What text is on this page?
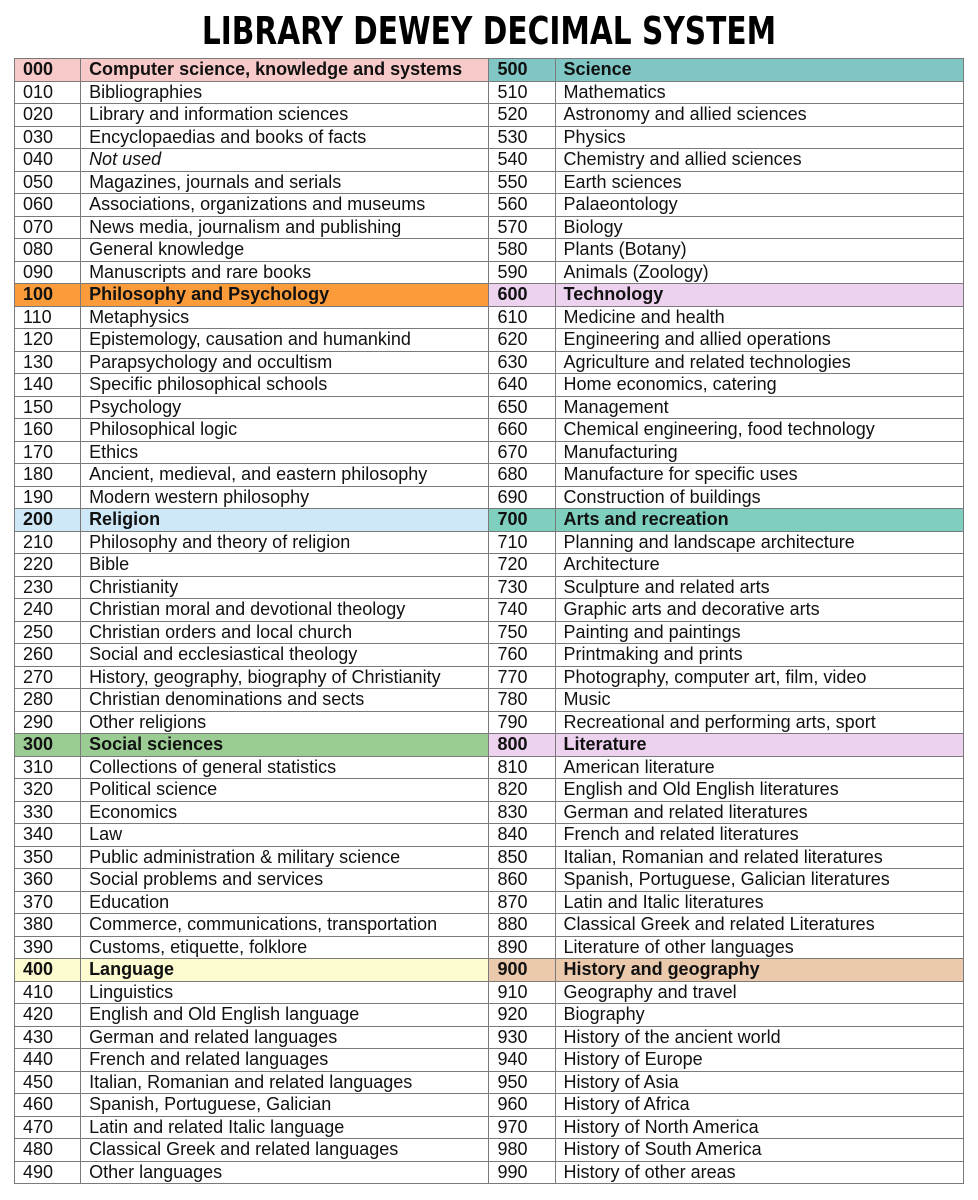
LIBRARY DEWEY DECIMAL SYSTEM
000	Computer science, knowledge and systems	500	Science
010	Bibliographies	510	Mathematics
020	Library and information sciences	520	Astronomy and allied sciences
030	Encyclopaedias and books of facts	530	Physics
040	Not used	540	Chemistry and allied sciences
050	Magazines, journals and serials	550	Earth sciences
060	Associations, organizations and museums	560	Palaeontology
070	News media, journalism and publishing	570	Biology
080	General knowledge	580	Plants (Botany)
090	Manuscripts and rare books	590	Animals (Zoology)
100	Philosophy and Psychology	600	Technology
110	Metaphysics	610	Medicine and health
120	Epistemology, causation and humankind	620	Engineering and allied operations
130	Parapsychology and occultism	630	Agriculture and related technologies
140	Specific philosophical schools	640	Home economics, catering
150	Psychology	650	Management
160	Philosophical logic	660	Chemical engineering, food technology
170	Ethics	670	Manufacturing
180	Ancient, medieval, and eastern philosophy	680	Manufacture for specific uses
190	Modern western philosophy	690	Construction of buildings
200	Religion	700	Arts and recreation
210	Philosophy and theory of religion	710	Planning and landscape architecture
220	Bible	720	Architecture
230	Christianity	730	Sculpture and related arts
240	Christian moral and devotional theology	740	Graphic arts and decorative arts
250	Christian orders and local church	750	Painting and paintings
260	Social and ecclesiastical theology	760	Printmaking and prints
270	History, geography, biography of Christianity	770	Photography, computer art, film, video
280	Christian denominations and sects	780	Music
290	Other religions	790	Recreational and performing arts, sport
300	Social sciences	800	Literature
310	Collections of general statistics	810	American literature
320	Political science	820	English and Old English literatures
330	Economics	830	German and related literatures
340	Law	840	French and related literatures
350	Public administration & military science	850	Italian, Romanian and related literatures
360	Social problems and services	860	Spanish, Portuguese, Galician literatures
370	Education	870	Latin and Italic literatures
380	Commerce, communications, transportation	880	Classical Greek and related Literatures
390	Customs, etiquette, folklore	890	Literature of other languages
400	Language	900	History and geography
410	Linguistics	910	Geography and travel
420	English and Old English language	920	Biography
430	German and related languages	930	History of the ancient world
440	French and related languages	940	History of Europe
450	Italian, Romanian and related languages	950	History of Asia
460	Spanish, Portuguese, Galician	960	History of Africa
470	Latin and related Italic language	970	History of North America
480	Classical Greek and related languages	980	History of South America
490	Other languages	990	History of other areas
